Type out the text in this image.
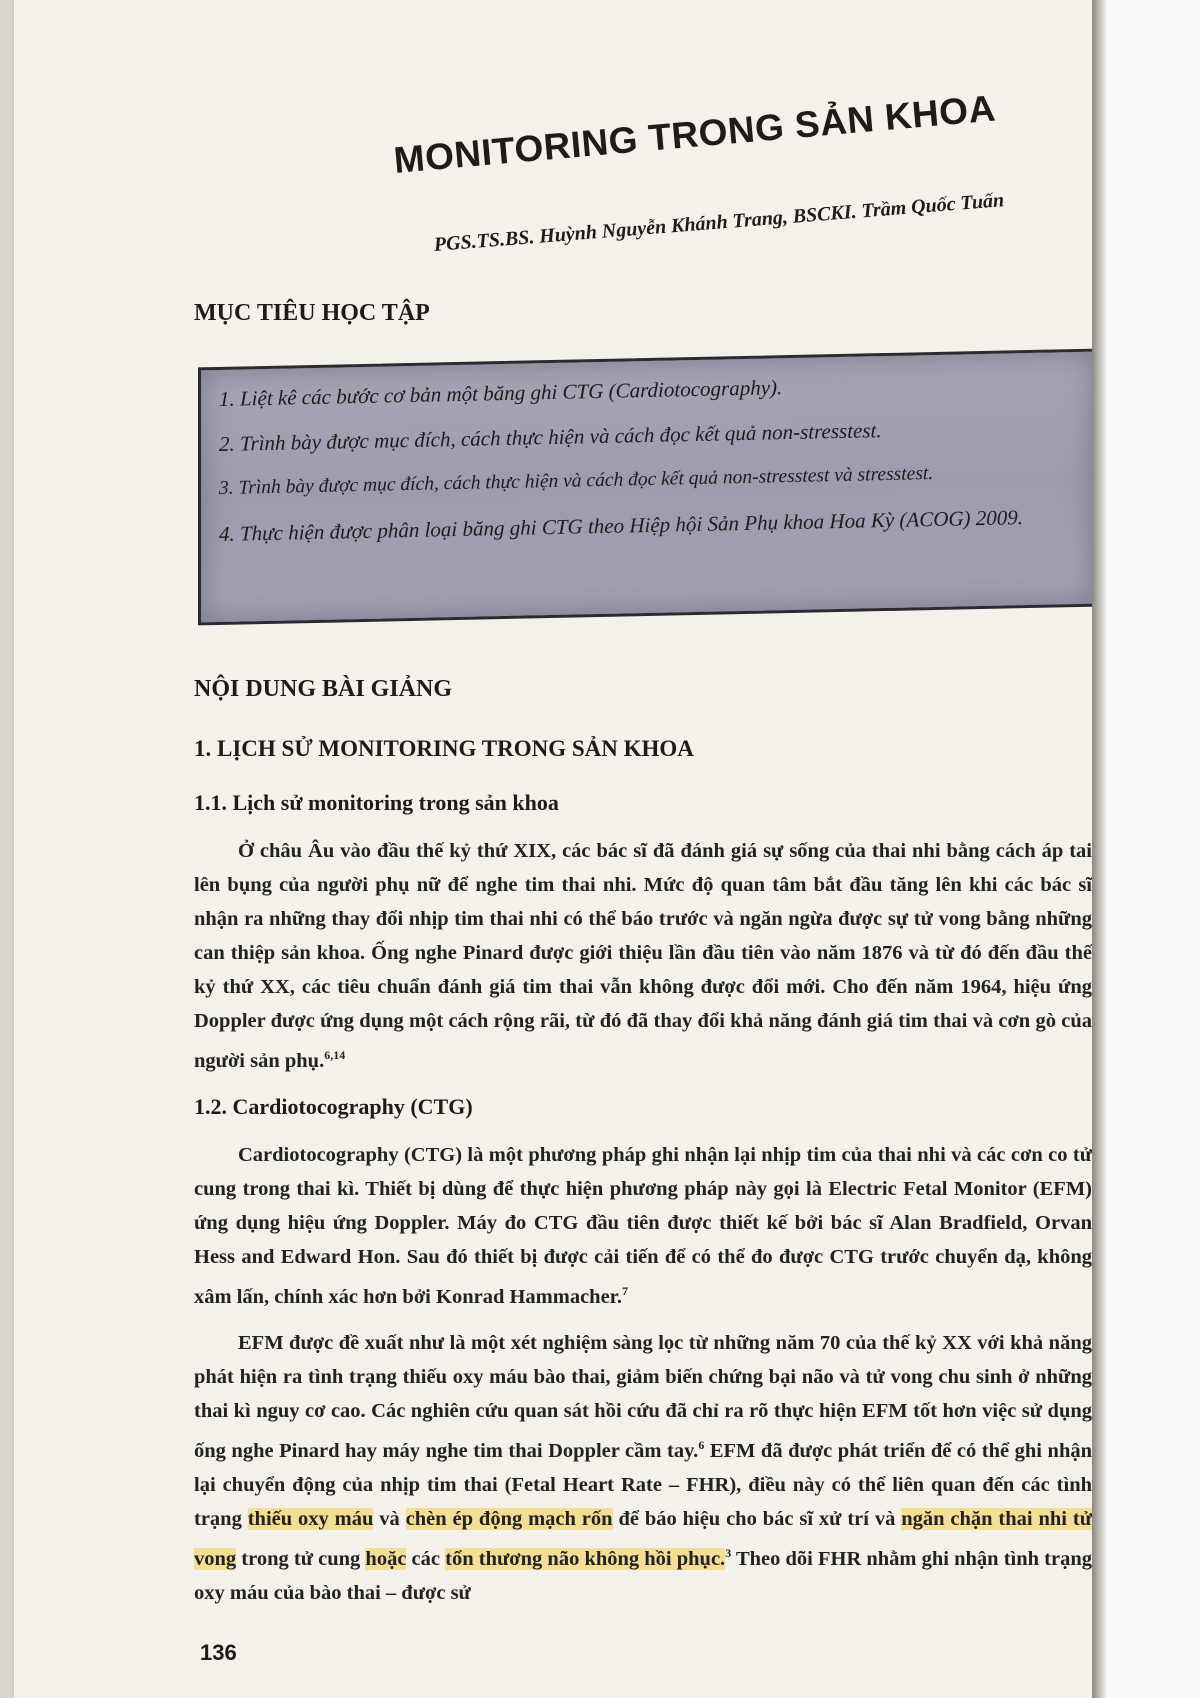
MONITORING TRONG SẢN KHOA
PGS.TS.BS. Huỳnh Nguyễn Khánh Trang, BSCKI. Trầm Quốc Tuấn
MỤC TIÊU HỌC TẬP
1. Liệt kê các bước cơ bản một băng ghi CTG (Cardiotocography).
2. Trình bày được mục đích, cách thực hiện và cách đọc kết quả non-stresstest.
3. Trình bày được mục đích, cách thực hiện và cách đọc kết quả non-stresstest và stresstest.
4. Thực hiện được phân loại băng ghi CTG theo Hiệp hội Sản Phụ khoa Hoa Kỳ (ACOG) 2009.
NỘI DUNG BÀI GIẢNG
1. LỊCH SỬ MONITORING TRONG SẢN KHOA
1.1. Lịch sử monitoring trong sản khoa

Ở châu Âu vào đầu thế kỷ thứ XIX, các bác sĩ đã đánh giá sự sống của thai nhi bằng cách áp tai lên bụng của người phụ nữ để nghe tim thai nhi. Mức độ quan tâm bắt đầu tăng lên khi các bác sĩ nhận ra những thay đổi nhịp tim thai nhi có thể báo trước và ngăn ngừa được sự tử vong bằng những can thiệp sản khoa. Ống nghe Pinard được giới thiệu lần đầu tiên vào năm 1876 và từ đó đến đầu thế kỷ thứ XX, các tiêu chuẩn đánh giá tim thai vẫn không được đổi mới. Cho đến năm 1964, hiệu ứng Doppler được ứng dụng một cách rộng rãi, từ đó đã thay đổi khả năng đánh giá tim thai và cơn gò của người sản phụ.$^{6,14}$

1.2. Cardiotocography (CTG)

Cardiotocography (CTG) là một phương pháp ghi nhận lại nhịp tim của thai nhi và các cơn co tử cung trong thai kì. Thiết bị dùng để thực hiện phương pháp này gọi là Electric Fetal Monitor (EFM) ứng dụng hiệu ứng Doppler. Máy đo CTG đầu tiên được thiết kế bởi bác sĩ Alan Bradfield, Orvan Hess and Edward Hon. Sau đó thiết bị được cải tiến để có thể đo được CTG trước chuyển dạ, không xâm lấn, chính xác hơn bởi Konrad Hammacher.$^7$

EFM được đề xuất như là một xét nghiệm sàng lọc từ những năm 70 của thế kỷ XX với khả năng phát hiện ra tình trạng thiếu oxy máu bào thai, giảm biến chứng bại não và tử vong chu sinh ở những thai kì nguy cơ cao. Các nghiên cứu quan sát hồi cứu đã chỉ ra rõ thực hiện EFM tốt hơn việc sử dụng ống nghe Pinard hay máy nghe tim thai Doppler cầm tay.$^6$ EFM đã được phát triển để có thể ghi nhận lại chuyển động của nhịp tim thai (Fetal Heart Rate – FHR), điều này có thể liên quan đến các tình trạng thiếu oxy máu và chèn ép động mạch rốn để báo hiệu cho bác sĩ xử trí và ngăn chặn thai nhi tử vong trong tử cung hoặc các tổn thương não không hồi phục.$^3$ Theo dõi FHR nhằm ghi nhận tình trạng oxy máu của bào thai – được sử

136
